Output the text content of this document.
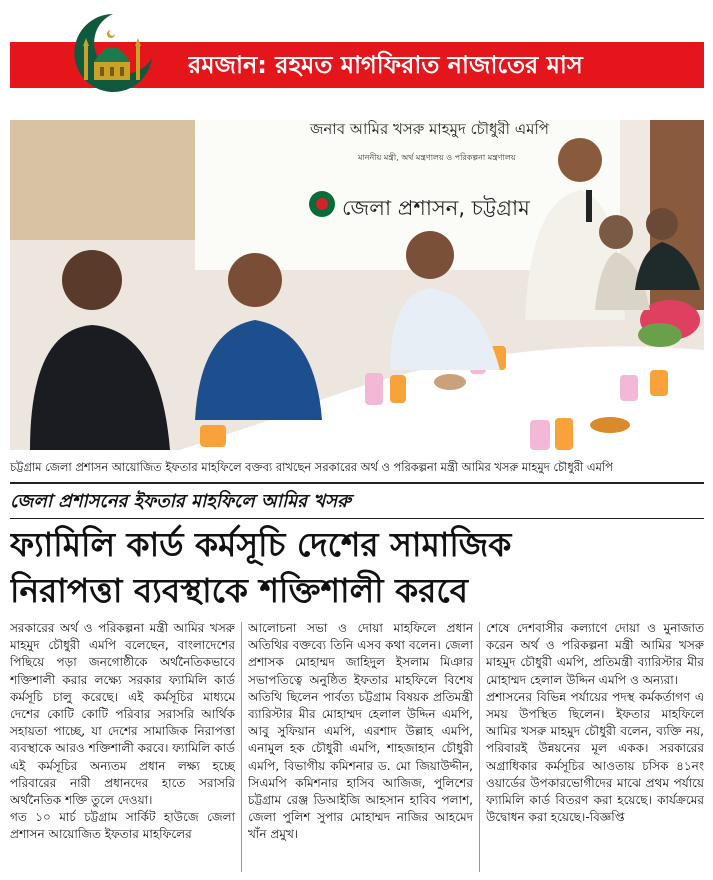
রমজান: রহমত মাগফিরাত নাজাতের মাস
জনাব আমির খসরু মাহমুদ চৌধুরী এমপি
মাননীয় মন্ত্রী, অর্থ মন্ত্রণালয় ও পরিকল্পনা মন্ত্রণালয়
জেলা প্রশাসন, চট্টগ্রাম
চট্টগ্রাম জেলা প্রশাসন আয়োজিত ইফতার মাহফিলে বক্তব্য রাখছেন সরকারের অর্থ ও পরিকল্পনা মন্ত্রী আমির খসরু মাহমুদ চৌধুরী এমপি
জেলা প্রশাসনের ইফতার মাহফিলে আমির খসরু
ফ্যামিলি কার্ড কর্মসূচি দেশের সামাজিক
নিরাপত্তা ব্যবস্থাকে শক্তিশালী করবে

সরকারের অর্থ ও পরিকল্পনা মন্ত্রী আমির খসরু মাহমুদ চৌধুরী এমপি বলেছেন, বাংলাদেশের পিছিয়ে পড়া জনগোষ্ঠীকে অর্থনৈতিকভাবে শক্তিশালী করার লক্ষ্যে সরকার ফ্যামিলি কার্ড কর্মসূচি চালু করেছে। এই কর্মসূচির মাধ্যমে দেশের কোটি কোটি পরিবার সরাসরি আর্থিক সহায়তা পাচ্ছে, যা দেশের সামাজিক নিরাপত্তা ব্যবস্থাকে আরও শক্তিশালী করবে। ফ্যামিলি কার্ড এই কর্মসূচির অন্যতম প্রধান লক্ষ্য হচ্ছে পরিবারের নারী প্রধানদের হাতে সরাসরি অর্থনৈতিক শক্তি তুলে দেওয়া।

গত ১০ মার্চ চট্টগ্রাম সার্কিট হাউজে জেলা প্রশাসন আয়োজিত ইফতার মাহফিলের

আলোচনা সভা ও দোয়া মাহফিলে প্রধান অতিথির বক্তব্যে তিনি এসব কথা বলেন। জেলা প্রশাসক মোহাম্মদ জাহিদুল ইসলাম মিঞার সভাপতিত্বে অনুষ্ঠিত ইফতার মাহফিলে বিশেষ অতিথি ছিলেন পার্বত্য চট্টগ্রাম বিষয়ক প্রতিমন্ত্রী ব্যারিস্টার মীর মোহাম্মদ হেলাল উদ্দিন এমপি, আবু সুফিয়ান এমপি, এরশাদ উল্লাহ এমপি, এনামুল হক চৌধুরী এমপি, শাহজাহান চৌধুরী এমপি, বিভাগীয় কমিশনার ড. মো জিয়াউদ্দীন, সিএমপি কমিশনার হাসিব আজিজ, পুলিশের চট্টগ্রাম রেঞ্জ ডিআইজি আহসান হাবিব পলাশ, জেলা পুলিশ সুপার মোহাম্মদ নাজির আহমেদ খাঁন প্রমুখ।

শেষে দেশবাসীর কল্যাণে দোয়া ও মুনাজাত করেন অর্থ ও পরিকল্পনা মন্ত্রী আমির খসরু মাহমুদ চৌধুরী এমপি, প্রতিমন্ত্রী ব্যারিস্টার মীর মোহাম্মদ হেলাল উদ্দিন এমপি ও অন্যরা।

প্রশাসনের বিভিন্ন পর্যায়ের পদস্থ কর্মকর্তাগণ এ সময় উপস্থিত ছিলেন। ইফতার মাহফিলে আমির খসরু মাহমুদ চৌধুরী বলেন, ব্যক্তি নয়, পরিবারই উন্নয়নের মূল একক। সরকারের অগ্রাধিকার কর্মসূচির আওতায় চসিক ৪১নং ওয়ার্ডের উপকারভোগীদের মাঝে প্রথম পর্যায়ে ফ্যামিলি কার্ড বিতরণ করা হয়েছে। কার্যক্রমের উদ্বোধন করা হয়েছে।-বিজ্ঞপ্তি
